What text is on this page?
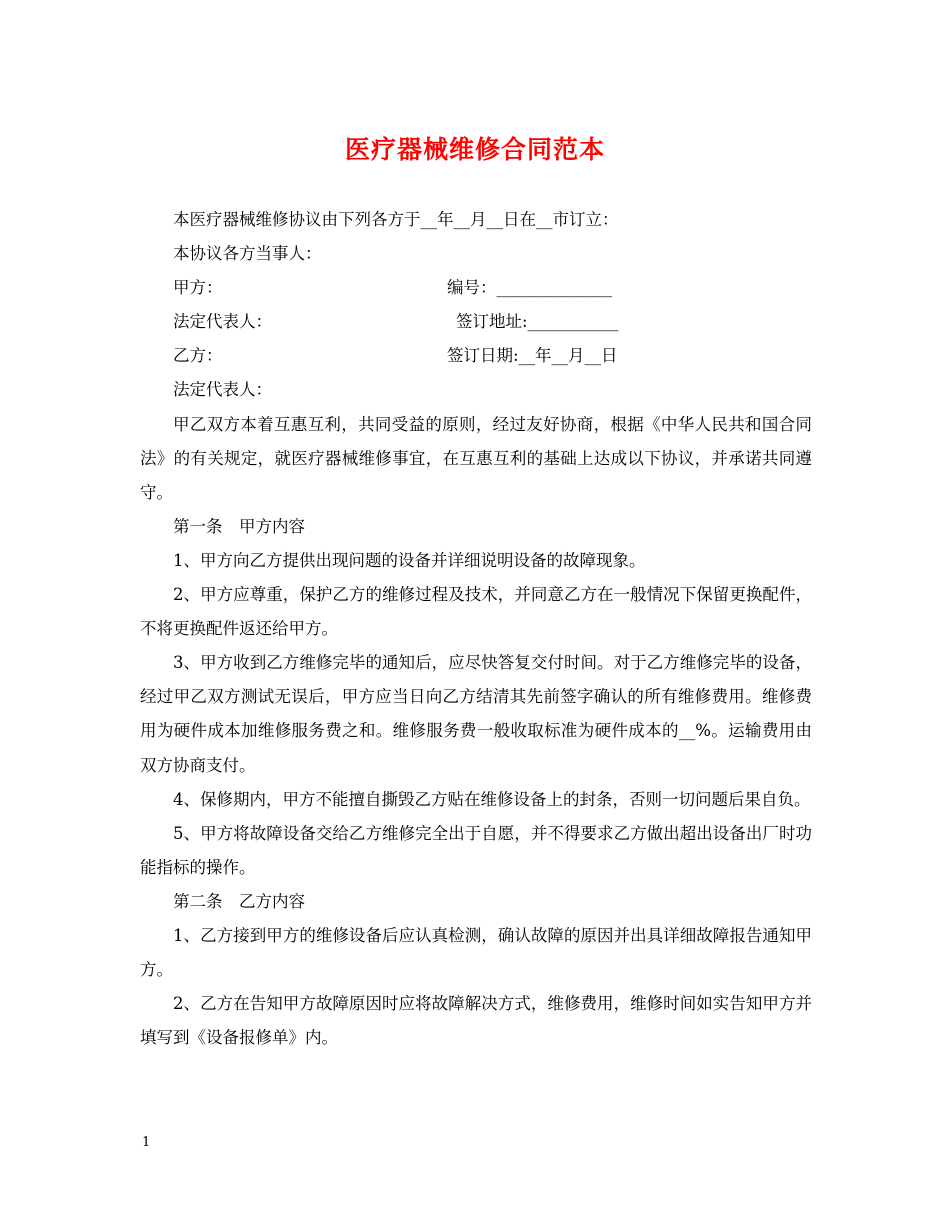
医疗器械维修合同范本

本医疗器械维修协议由下列各方于__年__月__日在__市订立：

本协议各方当事人：

甲方：	编号：______________
法定代表人：	签订地址:___________
乙方：	签订日期:__年__月__日
法定代表人：

甲乙双方本着互惠互利，共同受益的原则，经过友好协商，根据《中华人民共和国合同法》的有关规定，就医疗器械维修事宜，在互惠互利的基础上达成以下协议，并承诺共同遵守。

第一条　甲方内容

1、甲方向乙方提供出现问题的设备并详细说明设备的故障现象。

2、甲方应尊重，保护乙方的维修过程及技术，并同意乙方在一般情况下保留更换配件，不将更换配件返还给甲方。

3、甲方收到乙方维修完毕的通知后，应尽快答复交付时间。对于乙方维修完毕的设备，经过甲乙双方测试无误后，甲方应当日向乙方结清其先前签字确认的所有维修费用。维修费用为硬件成本加维修服务费之和。维修服务费一般收取标准为硬件成本的__%。运输费用由双方协商支付。

4、保修期内，甲方不能擅自撕毁乙方贴在维修设备上的封条，否则一切问题后果自负。

5、甲方将故障设备交给乙方维修完全出于自愿，并不得要求乙方做出超出设备出厂时功能指标的操作。

第二条　乙方内容

1、乙方接到甲方的维修设备后应认真检测，确认故障的原因并出具详细故障报告通知甲方。

2、乙方在告知甲方故障原因时应将故障解决方式，维修费用，维修时间如实告知甲方并填写到《设备报修单》内。

1
